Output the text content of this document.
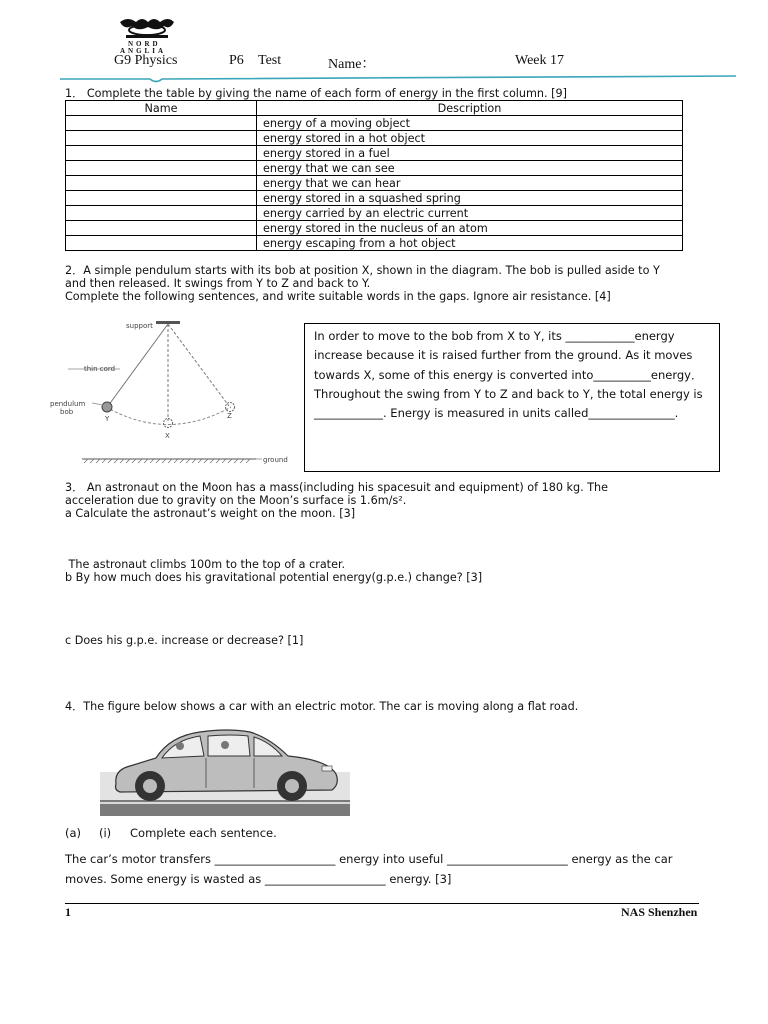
NORD
ANGLIA
G9 Physics	P6 Test	Name：	Week 17
1． Complete the table by giving the name of each form of energy in the first column. [9]
Name	Description
	energy of a moving object
	energy stored in a hot object
	energy stored in a fuel
	energy that we can see
	energy that we can hear
	energy stored in a squashed spring
	energy carried by an electric current
	energy stored in the nucleus of an atom
	energy escaping from a hot object
2．A simple pendulum starts with its bob at position X, shown in the diagram. The bob is pulled aside to Y
and then released. It swings from Y to Z and back to Y.
Complete the following sentences, and write suitable words in the gaps. Ignore air resistance. [4]
support
thin cord
pendulum
bob
Y
X
Z
ground
In order to move to the bob from X to Y, its ____________energy
increase because it is raised further from the ground. As it moves
towards X, some of this energy is converted into__________energy．
Throughout the swing from Y to Z and back to Y, the total energy is
____________. Energy is measured in units called_______________.
3． An astronaut on the Moon has a mass(including his spacesuit and equipment) of 180 kg. The
acceleration due to gravity on the Moon’s surface is 1.6m/s².
a Calculate the astronaut’s weight on the moon. [3]
The astronaut climbs 100m to the top of a crater.
b By how much does his gravitational potential energy(g.p.e.) change? [3]
c Does his g.p.e. increase or decrease? [1]
4．The figure below shows a car with an electric motor. The car is moving along a flat road.
(a) (i) Complete each sentence.
The car’s motor transfers _____________________ energy into useful _____________________ energy as the car
moves. Some energy is wasted as _____________________ energy. [3]
1	NAS Shenzhen
